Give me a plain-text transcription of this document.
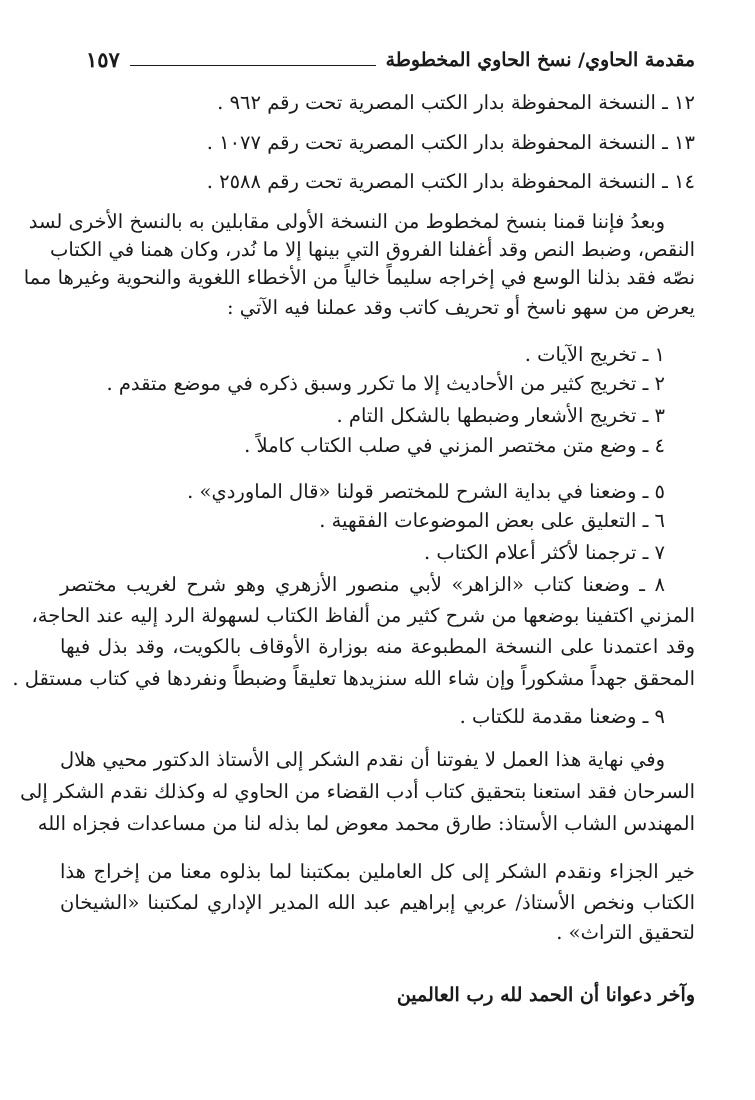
مقدمة الحاوي/ نسخ الحاوي المخطوطة
١٥٧
١٢ ـ النسخة المحفوظة بدار الكتب المصرية تحت رقم ٩٦٢ .
١٣ ـ النسخة المحفوظة بدار الكتب المصرية تحت رقم ١٠٧٧ .
١٤ ـ النسخة المحفوظة بدار الكتب المصرية تحت رقم ٢٥٨٨ .
وبعدُ فإننا قمنا بنسخ لمخطوط من النسخة الأولى مقابلين به بالنسخ الأخرى لسد
النقص، وضبط النص وقد أغفلنا الفروق التي بينها إلا ما نُدر، وكان همنا في الكتاب
نصّه فقد بذلنا الوسع في إخراجه سليماً خالياً من الأخطاء اللغوية والنحوية وغيرها مما
يعرض من سهو ناسخ أو تحريف كاتب وقد عملنا فيه الآتي :
١ ـ تخريج الآيات .
٢ ـ تخريج كثير من الأحاديث إلا ما تكرر وسبق ذكره في موضع متقدم .
٣ ـ تخريج الأشعار وضبطها بالشكل التام .
٤ ـ وضع متن مختصر المزني في صلب الكتاب كاملاً .
٥ ـ وضعنا في بداية الشرح للمختصر قولنا «قال الماوردي» .
٦ ـ التعليق على بعض الموضوعات الفقهية .
٧ ـ ترجمنا لأكثر أعلام الكتاب .
٨ ـ وضعنا كتاب «الزاهر» لأبي منصور الأزهري وهو شرح لغريب مختصر
المزني اكتفينا بوضعها من شرح كثير من ألفاظ الكتاب لسهولة الرد إليه عند الحاجة،
وقد اعتمدنا على النسخة المطبوعة منه بوزارة الأوقاف بالكويت، وقد بذل فيها
المحقق جهداً مشكوراً وإن شاء الله سنزيدها تعليقاً وضبطاً ونفردها في كتاب مستقل .
٩ ـ وضعنا مقدمة للكتاب .
وفي نهاية هذا العمل لا يفوتنا أن نقدم الشكر إلى الأستاذ الدكتور محيي هلال
السرحان فقد استعنا بتحقيق كتاب أدب القضاء من الحاوي له وكذلك نقدم الشكر إلى
المهندس الشاب الأستاذ: طارق محمد معوض لما بذله لنا من مساعدات فجزاه الله
خير الجزاء ونقدم الشكر إلى كل العاملين بمكتبنا لما بذلوه معنا من إخراج هذا
الكتاب ونخص الأستاذ/ عربي إبراهيم عبد الله المدير الإداري لمكتبنا «الشيخان
لتحقيق التراث» .
وآخر دعوانا أن الحمد لله رب العالمين
